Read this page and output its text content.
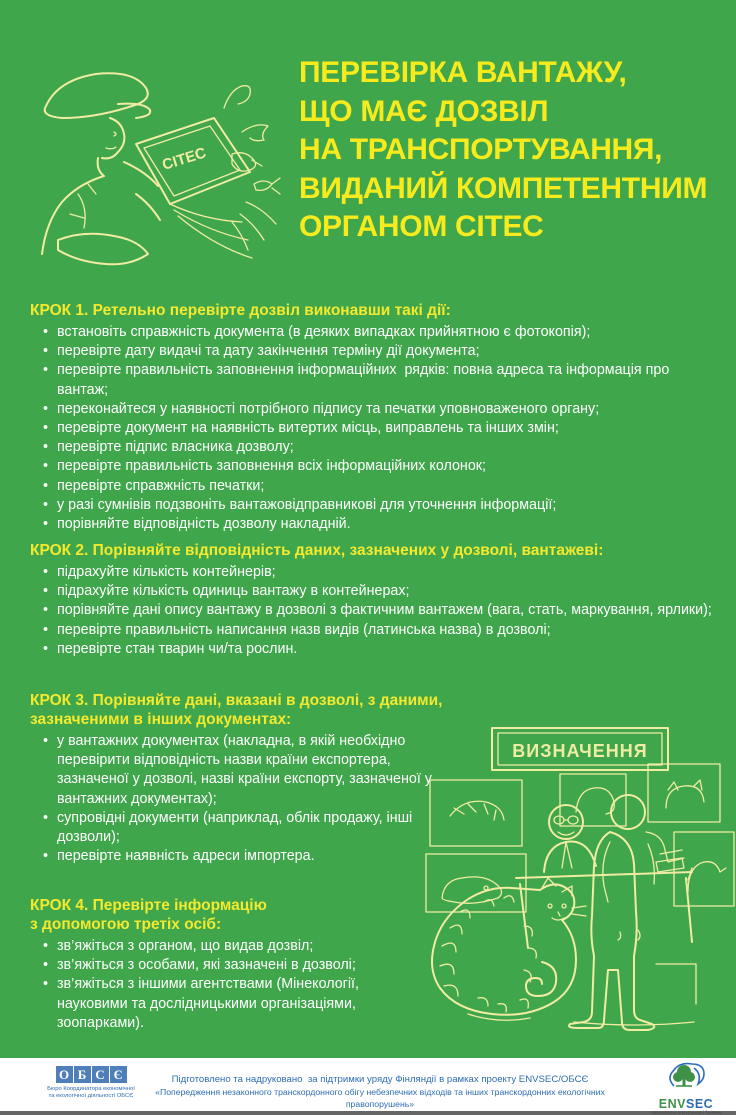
СІТЕС
ПЕРЕВІРКА ВАНТАЖУ,
ЩО МАЄ ДОЗВІЛ
НА ТРАНСПОРТУВАННЯ,
ВИДАНИЙ КОМПЕТЕНТНИМ
ОРГАНОМ СІТЕС
КРОК 1. Ретельно перевірте дозвіл виконавши такі дії:
• встановіть справжність документа (в деяких випадках прийнятною є фотокопія);
• перевірте дату видачі та дату закінчення терміну дії документа;
• перевірте правильність заповнення інформаційних  рядків: повна адреса та інформація про вантаж;
• переконайтеся у наявності потрібного підпису та печатки уповноваженого органу;
• перевірте документ на наявність витертих місць, виправлень та інших змін;
• перевірте підпис власника дозволу;
• перевірте правильність заповнення всіх інформаційних колонок;
• перевірте справжність печатки;
• у разі сумнівів подзвоніть вантажовідправникові для уточнення інформації;
• порівняйте відповідність дозволу накладній.
КРОК 2. Порівняйте відповідність даних, зазначених у дозволі, вантажеві:
• підрахуйте кількість контейнерів;
• підрахуйте кількість одиниць вантажу в контейнерах;
• порівняйте дані опису вантажу в дозволі з фактичним вантажем (вага, стать, маркування, ярлики);
• перевірте правильність написання назв видів (латинська назва) в дозволі;
• перевірте стан тварин чи/та рослин.
КРОК 3. Порівняйте дані, вказані в дозволі, з даними,
зазначеними в інших документах:
• у вантажних документах (накладна, в якій необхідно перевірити відповідність назви країни експортера, зазначеної у дозволі, назві країни експорту, зазначеної у вантажних документах);
• супровідні документи (наприклад, облік продажу, інші дозволи);
• перевірте наявність адреси імпортера.
КРОК 4. Перевірте інформацію
з допомогою третіх осіб:
• зв’яжіться з органом, що видав дозвіл;
• зв’яжіться з особами, які зазначені в дозволі;
• зв’яжіться з іншими агентствами (Мінекології, науковими та дослідницькими організаціями, зоопарками).
ВИЗНАЧЕННЯ
О Б С Є
Бюро Координатора економічної
та екологічної діяльності ОБСЄ
Підготовлено та надруковано  за підтримки уряду Фінляндії в рамках проекту ENVSEC/ОБСЄ
«Попередження незаконного транскордонного обігу небезпечних відходів та інших транскордонних екологічних правопорушень»	ENVSEC
Навколишнє середовище і безпека
